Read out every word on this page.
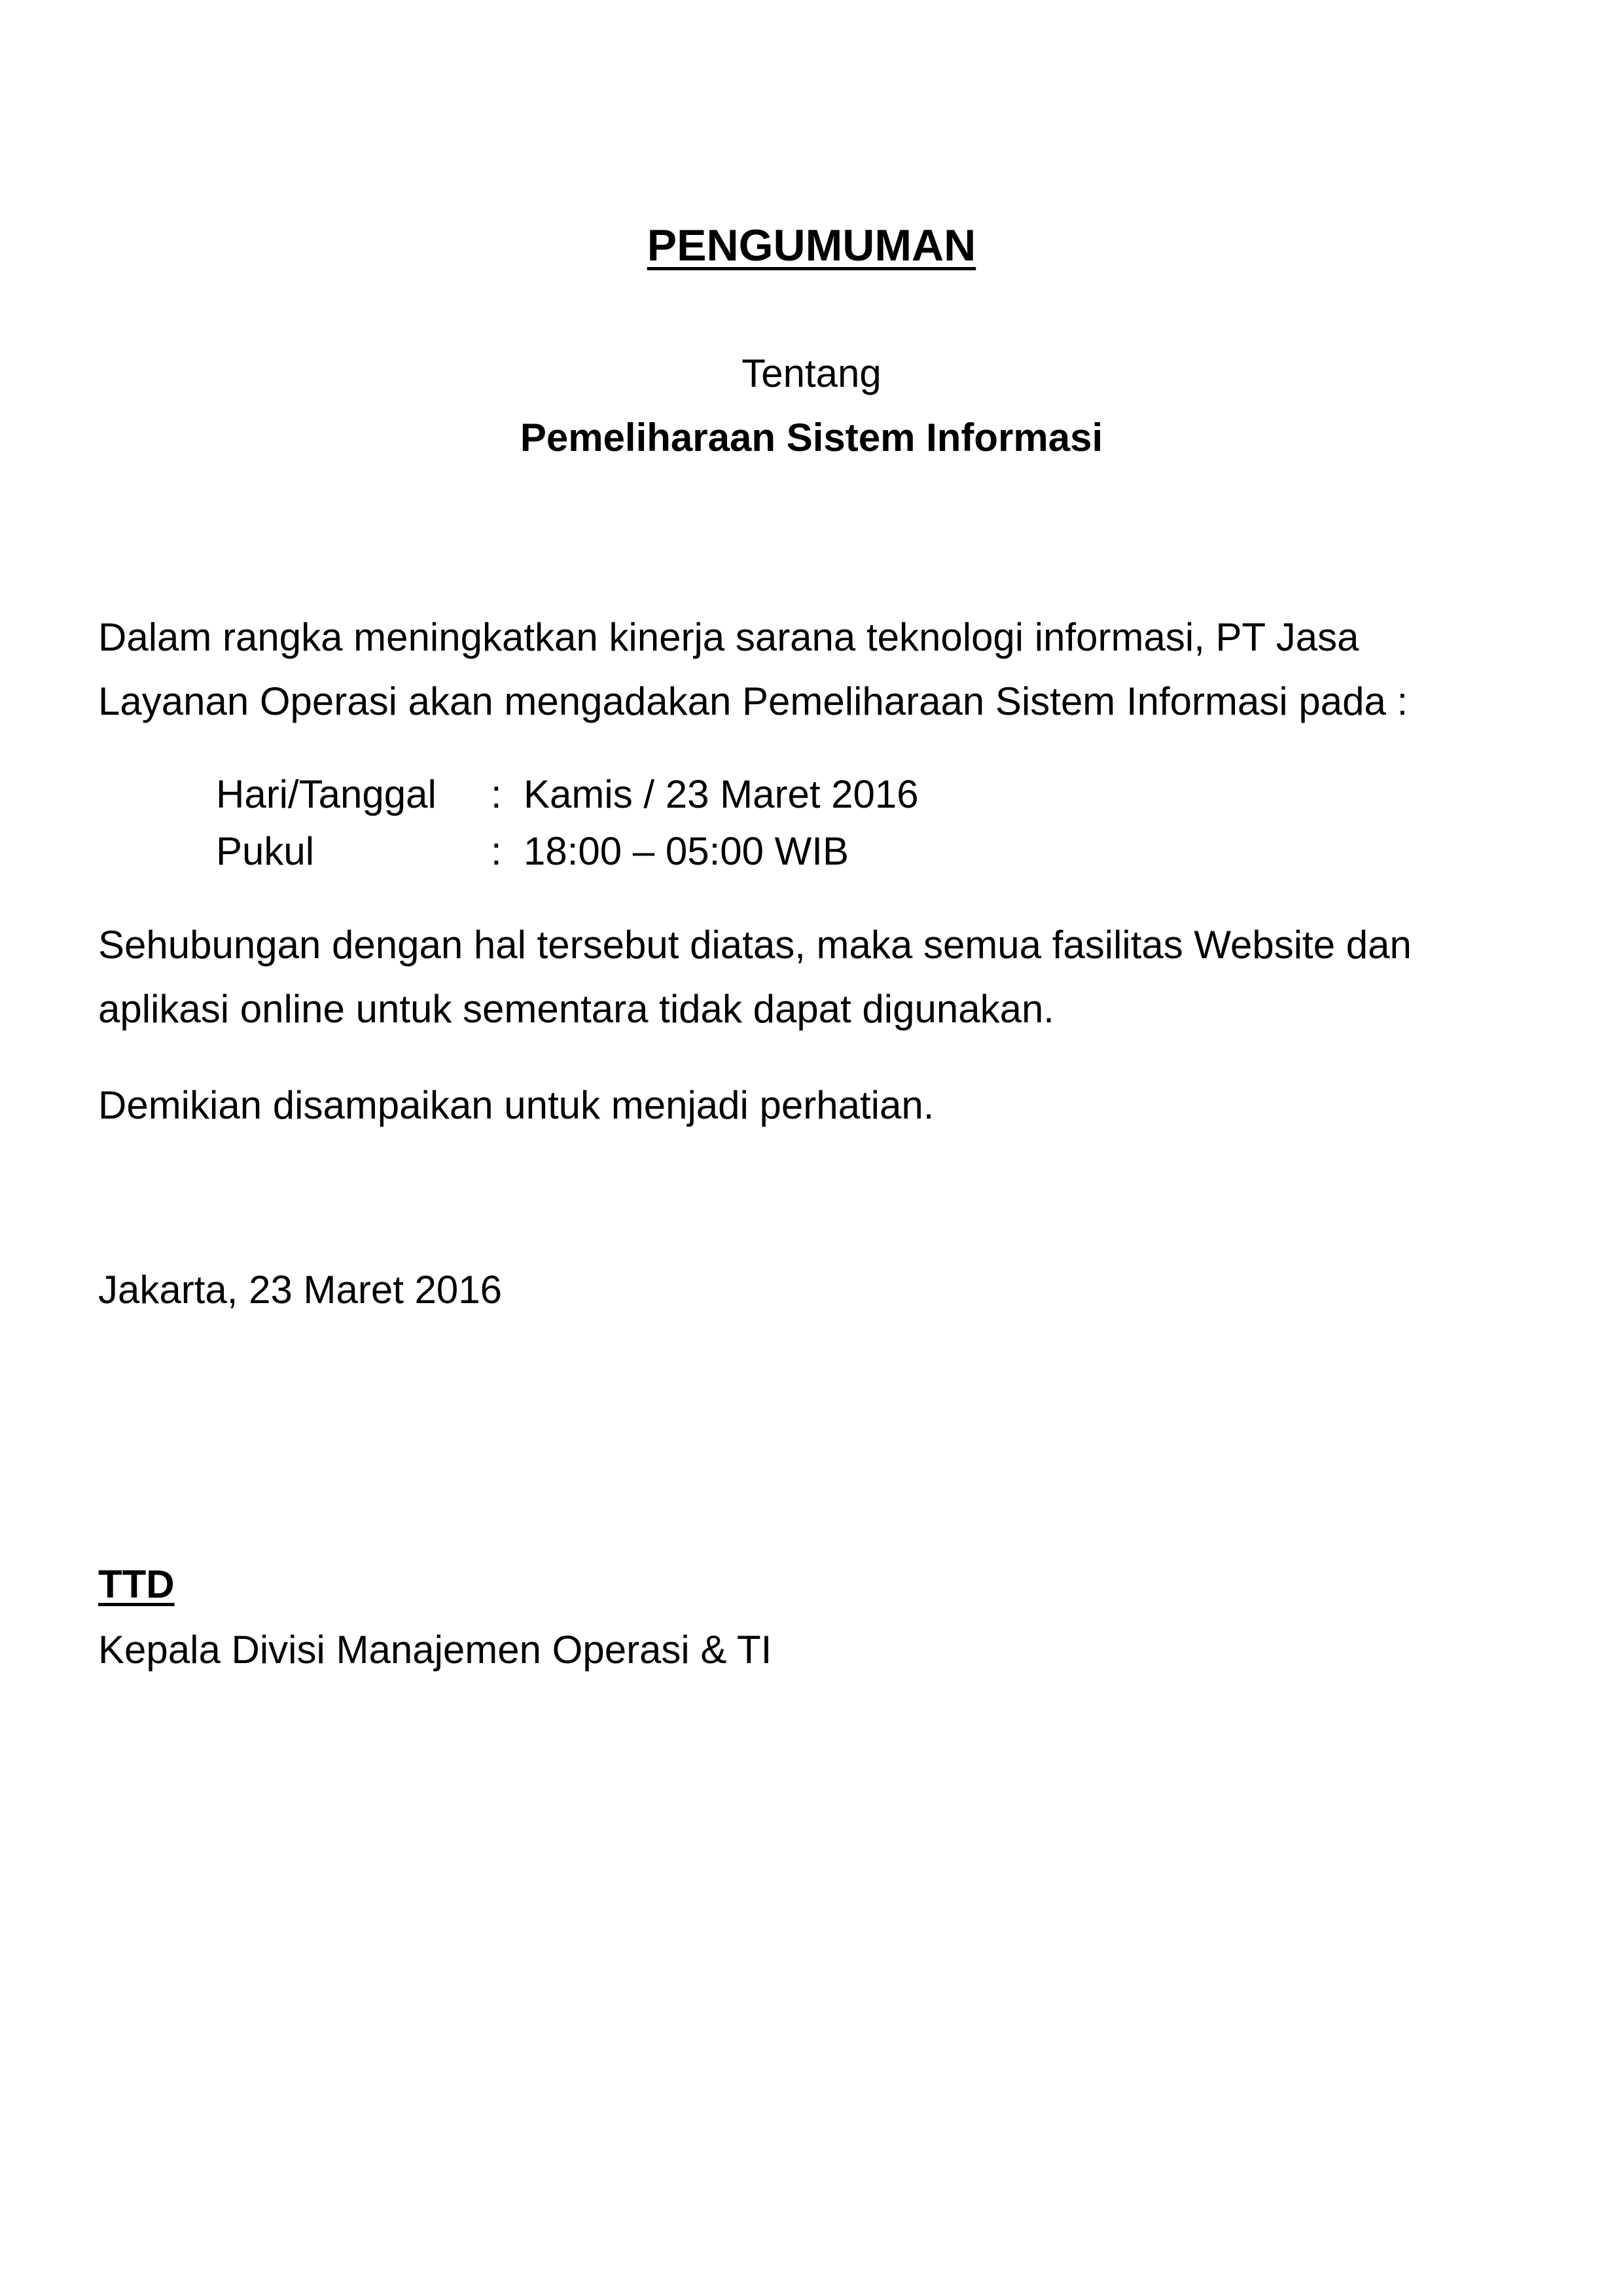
PENGUMUMAN
Tentang
Pemeliharaan Sistem Informasi
Dalam rangka meningkatkan kinerja sarana teknologi informasi, PT Jasa
Layanan Operasi akan mengadakan Pemeliharaan Sistem Informasi pada :
Hari/Tanggal	: Kamis / 23 Maret 2016
Pukul	: 18:00 – 05:00 WIB
Sehubungan dengan hal tersebut diatas, maka semua fasilitas Website dan
aplikasi online untuk sementara tidak dapat digunakan.
Demikian disampaikan untuk menjadi perhatian.
Jakarta, 23 Maret 2016
TTD
Kepala Divisi Manajemen Operasi & TI
